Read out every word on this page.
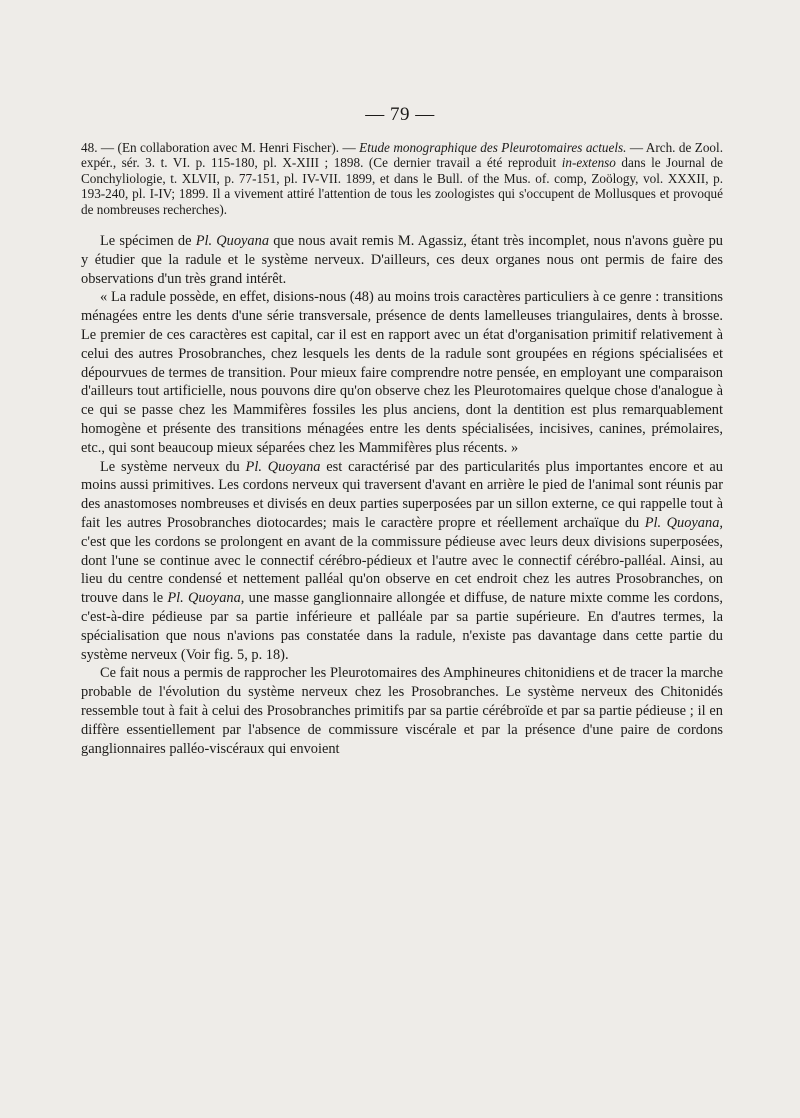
— 79 —

48. — (En collaboration avec M. Henri Fischer). — Etude monographique des Pleurotomaires actuels. — Arch. de Zool. expér., sér. 3. t. VI. p. 115-180, pl. X-XIII ; 1898. (Ce dernier travail a été reproduit in-extenso dans le Journal de Conchyliologie, t. XLVII, p. 77-151, pl. IV-VII. 1899, et dans le Bull. of the Mus. of. comp, Zoölogy, vol. XXXII, p. 193-240, pl. I-IV; 1899. Il a vivement attiré l'attention de tous les zoologistes qui s'occupent de Mollusques et provoqué de nombreuses recherches).

Le spécimen de Pl. Quoyana que nous avait remis M. Agassiz, étant très incomplet, nous n'avons guère pu y étudier que la radule et le système nerveux. D'ailleurs, ces deux organes nous ont permis de faire des observations d'un très grand intérêt.

« La radule possède, en effet, disions-nous (48) au moins trois caractères particuliers à ce genre : transitions ménagées entre les dents d'une série transversale, présence de dents lamelleuses triangulaires, dents à brosse. Le premier de ces caractères est capital, car il est en rapport avec un état d'organisation primitif relativement à celui des autres Prosobranches, chez lesquels les dents de la radule sont groupées en régions spécialisées et dépourvues de termes de transition. Pour mieux faire comprendre notre pensée, en employant une comparaison d'ailleurs tout artificielle, nous pouvons dire qu'on observe chez les Pleurotomaires quelque chose d'analogue à ce qui se passe chez les Mammifères fossiles les plus anciens, dont la dentition est plus remarquablement homogène et présente des transitions ménagées entre les dents spécialisées, incisives, canines, prémolaires, etc., qui sont beaucoup mieux séparées chez les Mammifères plus récents. »

Le système nerveux du Pl. Quoyana est caractérisé par des particularités plus importantes encore et au moins aussi primitives. Les cordons nerveux qui traversent d'avant en arrière le pied de l'animal sont réunis par des anastomoses nombreuses et divisés en deux parties superposées par un sillon externe, ce qui rappelle tout à fait les autres Prosobranches diotocardes; mais le caractère propre et réellement archaïque du Pl. Quoyana, c'est que les cordons se prolongent en avant de la commissure pédieuse avec leurs deux divisions superposées, dont l'une se continue avec le connectif cérébro-pédieux et l'autre avec le connectif cérébro-palléal. Ainsi, au lieu du centre condensé et nettement palléal qu'on observe en cet endroit chez les autres Prosobranches, on trouve dans le Pl. Quoyana, une masse ganglionnaire allongée et diffuse, de nature mixte comme les cordons, c'est-à-dire pédieuse par sa partie inférieure et palléale par sa partie supérieure. En d'autres termes, la spécialisation que nous n'avions pas constatée dans la radule, n'existe pas davantage dans cette partie du système nerveux (Voir fig. 5, p. 18).

Ce fait nous a permis de rapprocher les Pleurotomaires des Amphineures chitonidiens et de tracer la marche probable de l'évolution du système nerveux chez les Prosobranches. Le système nerveux des Chitonidés ressemble tout à fait à celui des Prosobranches primitifs par sa partie cérébroïde et par sa partie pédieuse ; il en diffère essentiellement par l'absence de commissure viscérale et par la présence d'une paire de cordons ganglionnaires palléo-viscéraux qui envoient
